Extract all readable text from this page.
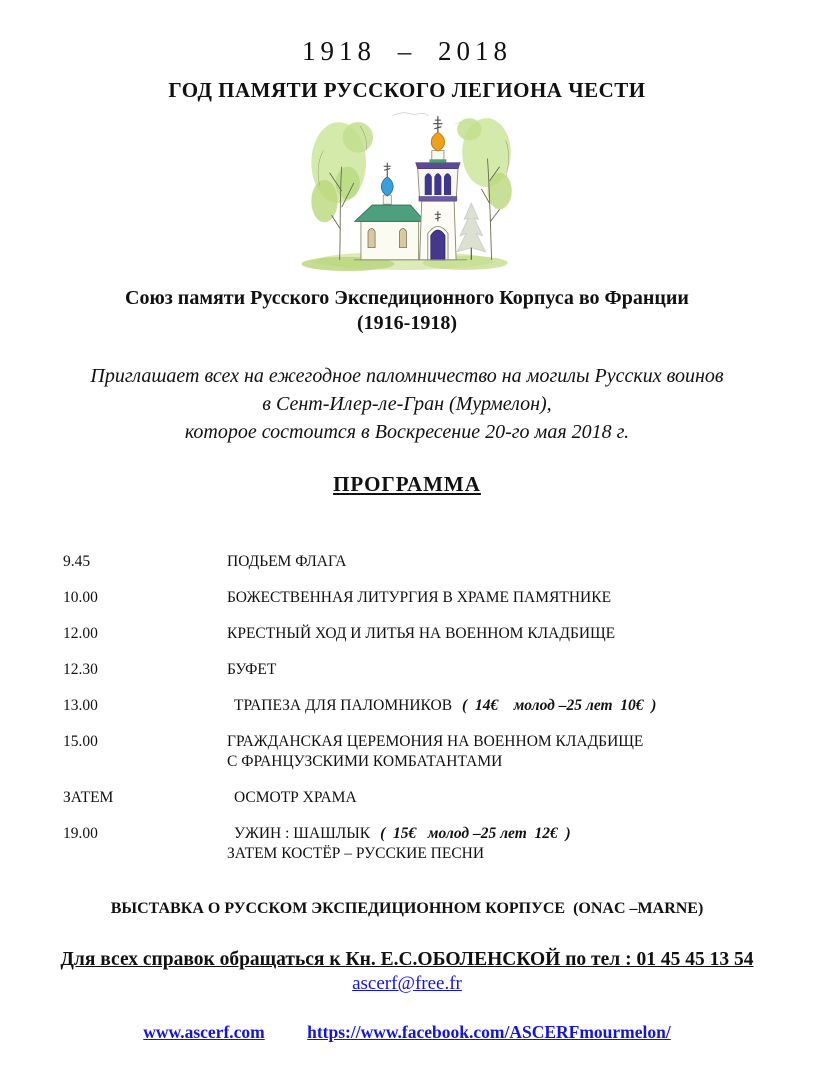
1918 – 2018
ГОД ПАМЯТИ РУССКОГО ЛЕГИОНА ЧЕСТИ
Союз памяти Русского Экспедиционного Корпуса во Франции
(1916-1918)
Приглашает всех на ежегодное паломничество на могилы Русских воинов
в Сент-Илер-ле-Гран (Мурмелон),
которое состоится в Воскресение 20-го мая 2018 г.
ПРОГРАММА
9.45	ПОДЬЕМ ФЛАГА
10.00	БОЖЕСТВЕННАЯ ЛИТУРГИЯ В ХРАМЕ ПАМЯТНИКЕ
12.00	КРЕСТНЫЙ ХОД И ЛИТЬЯ НА ВОЕННОМ КЛАДБИЩЕ
12.30	БУФЕТ
13.00	ТРАПЕЗА ДЛЯ ПАЛОМНИКОВ (  14€    молод –25 лет  10€  )
15.00	ГРАЖДАНСКАЯ ЦЕРЕМОНИЯ НА ВОЕННОМ КЛАДБИЩЕ
С ФРАНЦУЗСКИМИ КОМБАТАНТАМИ
ЗАТЕМ	ОСМОТР ХРАМА
19.00	УЖИН : ШАШЛЫК (  15€   молод –25 лет  12€  )
ЗАТЕМ КОСТЁР – РУССКИЕ ПЕСНИ
ВЫСТАВКА О РУССКОМ ЭКСПЕДИЦИОННОМ КОРПУСЕ  (ONAC –MARNE)
Для всех справок обращаться к Кн. Е.С.ОБОЛЕНСКОЙ по тел : 01 45 45 13 54
ascerf@free.fr
www.ascerf.com https://www.facebook.com/ASCERFmourmelon/
